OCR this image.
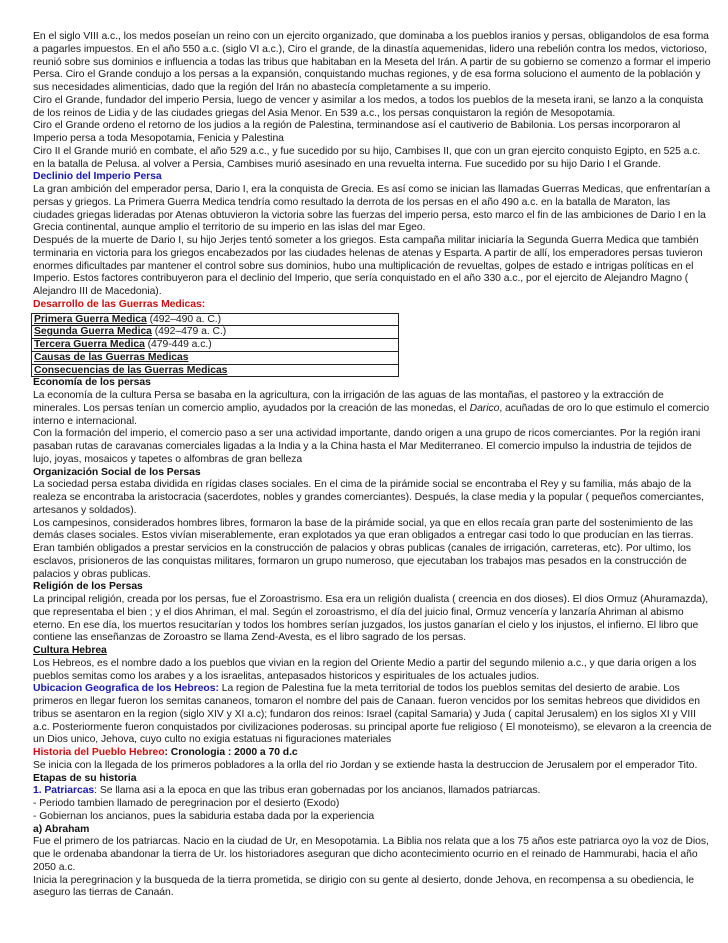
En el siglo VIII a.c., los medos poseían un reino con un ejercito organizado, que dominaba a los pueblos iranios y persas, obligandolos de esa forma a pagarles impuestos. En el año 550 a.c. (siglo VI a.c.), Ciro el grande, de la dinastía aquemenidas, lidero una rebelión contra los medos, victorioso, reunió sobre sus dominios e influencia a todas las tribus que habitaban en la Meseta del Irán. A partir de su gobierno se comenzo a formar el imperio Persa. Ciro el Grande condujo a los persas a la expansión, conquistando muchas regiones, y de esa forma soluciono el aumento de la población y sus necesidades alimenticias, dado que la región del Irán no abastecía completamente a su imperio.

Ciro el Grande, fundador del imperio Persia, luego de vencer y asimilar a los medos, a todos los pueblos de la meseta irani, se lanzo a la conquista de los reinos de Lidia y de las ciudades griegas del Asia Menor. En 539 a.c., los persas conquistaron la región de Mesopotamia.

Ciro el Grande ordeno el retorno de los judios a la región de Palestina, terminandose así el cautiverio de Babilonia. Los persas incorporaron al Imperio persa a toda Mesopotamia, Fenicia y Palestina

Ciro II el Grande murió en combate, el año 529 a.c., y fue sucedido por su hijo, Cambises II, que con un gran ejercito conquisto Egipto, en 525 a.c. en la batalla de Pelusa. al volver a Persia, Cambises murió asesinado en una revuelta interna. Fue sucedido por su hijo Dario I el Grande.

Declinio del Imperio Persa

La gran ambición del emperador persa, Dario I, era la conquista de Grecia. Es así como se inician las llamadas Guerras Medicas, que enfrentarían a persas y griegos. La Primera Guerra Medica tendría como resultado la derrota de los persas en el año 490 a.c. en la batalla de Maraton, las ciudades griegas lideradas por Atenas obtuvieron la victoria sobre las fuerzas del imperio persa, esto marco el fin de las ambiciones de Dario I en la Grecia continental, aunque amplio el territorio de su imperio en las islas del mar Egeo.

Después de la muerte de Dario I, su hijo Jerjes tentó someter a los griegos. Esta campaña militar iniciaría la Segunda Guerra Medica que también terminaria en victoria para los griegos encabezados por las ciudades helenas de atenas y Esparta. A partir de allí, los emperadores persas tuvieron enormes dificultades par mantener el control sobre sus dominios, hubo una multiplicación de revueltas, golpes de estado e intrigas políticas en el Imperio. Estos factores contribuyeron para el declinio del Imperio, que sería conquistado en el año 330 a.c., por el ejercito de Alejandro Magno ( Alejandro III de Macedonia).

Desarrollo de las Guerras Medicas:

Primera Guerra Medica (492–490 a. C.)
Segunda Guerra Medica (492–479 a. C.)
Tercera Guerra Medica (479-449 a.c.)
Causas de las Guerras Medicas
Consecuencias de las Guerras Medicas

Economía de los persas

La economía de la cultura Persa se basaba en la agricultura, con la irrigación de las aguas de las montañas, el pastoreo y la extracción de minerales. Los persas tenían un comercio amplio, ayudados por la creación de las monedas, el Darico, acuñadas de oro lo que estimulo el comercio interno e internacional.

Con la formación del imperio, el comercio paso a ser una actividad importante, dando origen a una grupo de ricos comerciantes. Por la región irani pasaban rutas de caravanas comerciales ligadas a la India y a la China hasta el Mar Mediterraneo. El comercio impulso la industria de tejidos de lujo, joyas, mosaicos y tapetes o alfombras de gran belleza

Organización Social de los Persas

La sociedad persa estaba dividida en rígidas clases sociales. En el cima de la pirámide social se encontraba el Rey y su familia, más abajo de la realeza se encontraba la aristocracia (sacerdotes, nobles y grandes comerciantes). Después, la clase media y la popular ( pequeños comerciantes, artesanos y soldados).

Los campesinos, considerados hombres libres, formaron la base de la pirámide social, ya que en ellos recaía gran parte del sostenimiento de las demás clases sociales. Estos vivían miserablemente, eran explotados ya que eran obligados a entregar casi todo lo que producían en las tierras. Eran también obligados a prestar servicios en la construcción de palacios y obras publicas (canales de irrigación, carreteras, etc). Por ultimo, los esclavos, prisioneros de las conquistas militares, formaron un grupo numeroso, que ejecutaban los trabajos mas pesados en la construcción de palacios y obras publicas.

Religión de los Persas

La principal religión, creada por los persas, fue el Zoroastrismo. Esa era un religión dualista ( creencia en dos dioses). El dios Ormuz (Ahuramazda), que representaba el bien ; y el dios Ahriman, el mal. Según el zoroastrismo, el día del juicio final, Ormuz vencería y lanzaría Ahriman al abismo eterno. En ese día, los muertos resucitarían y todos los hombres serían juzgados, los justos ganarían el cielo y los injustos, el infierno. El libro que contiene las enseñanzas de Zoroastro se llama Zend-Avesta, es el libro sagrado de los persas.

Cultura Hebrea

Los Hebreos, es el nombre dado a los pueblos que vivian en la region del Oriente Medio a partir del segundo milenio a.c., y que daria origen a los pueblos semitas como los arabes y a los israelitas, antepasados historicos y espirituales de los actuales judios.

Ubicacion Geografica de los Hebreos: La region de Palestina fue la meta territorial de todos los pueblos semitas del desierto de arabie. Los primeros en llegar fueron los semitas cananeos, tomaron el nombre del pais de Canaan. fueron vencidos por los semitas hebreos que divididos en tribus se asentaron en la region (siglo XIV y XI a.c); fundaron dos reinos: Israel (capital Samaria) y Juda ( capital Jerusalem) en los siglos XI y VIII a.c. Posteriormente fueron conquistados por civilizaciones poderosas. su principal aporte fue religioso ( El monoteismo), se elevaron a la creencia de un Dios unico, Jehova, cuyo culto no exigia estatuas ni figuraciones materiales

Historia del Pueblo Hebreo: Cronologia : 2000 a 70 d.c

Se inicia con la llegada de los primeros pobladores a la orlla del rio Jordan y se extiende hasta la destruccion de Jerusalem por el emperador Tito.

Etapas de su historia

1. Patriarcas: Se llama asi a la epoca en que las tribus eran gobernadas por los ancianos, llamados patriarcas.

- Periodo tambien llamado de peregrinacion por el desierto (Exodo)

- Gobiernan los ancianos, pues la sabiduria estaba dada por la experiencia

a) Abraham

Fue el primero de los patriarcas. Nacio en la ciudad de Ur, en Mesopotamia. La Biblia nos relata que a los 75 años este patriarca oyo la voz de Dios, que le ordenaba abandonar la tierra de Ur. los historiadores aseguran que dicho acontecimiento ocurrio en el reinado de Hammurabi, hacia el año 2050 a.c.

Inicia la peregrinacion y la busqueda de la tierra prometida, se dirigio con su gente al desierto, donde Jehova, en recompensa a su obediencia, le aseguro las tierras de Canaán.
